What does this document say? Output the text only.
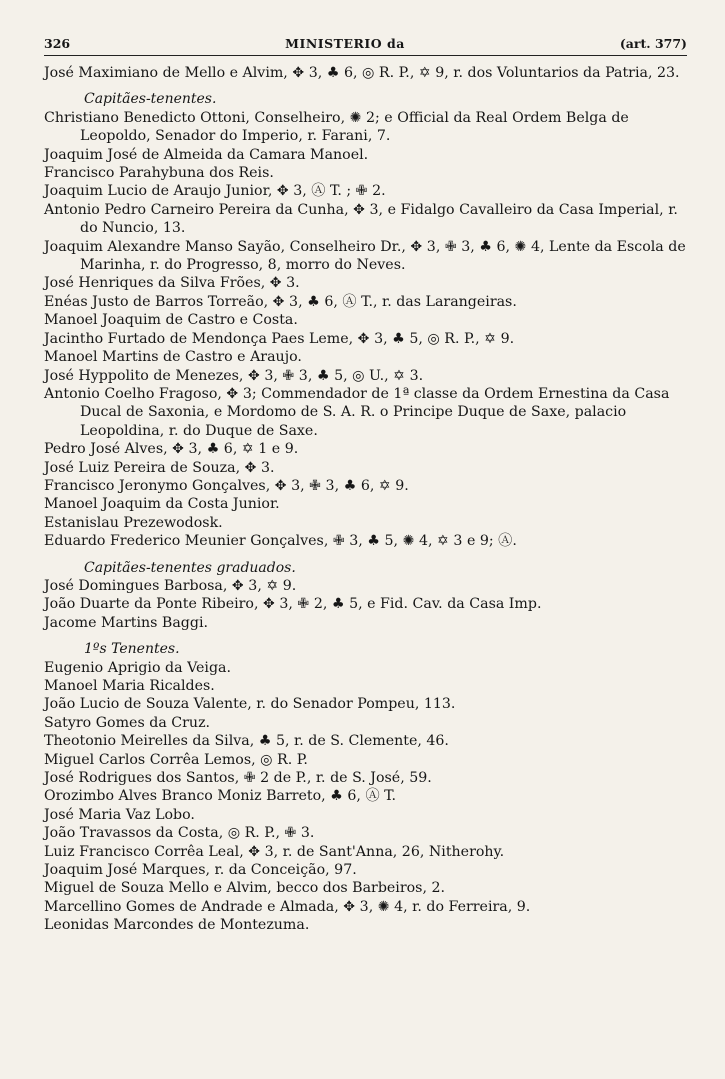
326	MINISTERIO da	(art. 377)

José Maximiano de Mello e Alvim, ✥ 3, ♣ 6, ◎ R. P., ✡ 9, r. dos Voluntarios da Patria, 23.

Capitães-tenentes.

Christiano Benedicto Ottoni, Conselheiro, ✺ 2; e Official da Real Ordem Belga de Leopoldo, Senador do Imperio, r. Farani, 7.

Joaquim José de Almeida da Camara Manoel.

Francisco Parahybuna dos Reis.

Joaquim Lucio de Araujo Junior, ✥ 3, Ⓐ T. ; ✙ 2.

Antonio Pedro Carneiro Pereira da Cunha, ✥ 3, e Fidalgo Cavalleiro da Casa Imperial, r. do Nuncio, 13.

Joaquim Alexandre Manso Sayão, Conselheiro Dr., ✥ 3, ✙ 3, ♣ 6, ✺ 4, Lente da Escola de Marinha, r. do Progresso, 8, morro do Neves.

José Henriques da Silva Frões, ✥ 3.

Enéas Justo de Barros Torreão, ✥ 3, ♣ 6, Ⓐ T., r. das Larangeiras.

Manoel Joaquim de Castro e Costa.

Jacintho Furtado de Mendonça Paes Leme, ✥ 3, ♣ 5, ◎ R. P., ✡ 9.

Manoel Martins de Castro e Araujo.

José Hyppolito de Menezes, ✥ 3, ✙ 3, ♣ 5, ◎ U., ✡ 3.

Antonio Coelho Fragoso, ✥ 3; Commendador de 1ª classe da Ordem Ernestina da Casa Ducal de Saxonia, e Mordomo de S. A. R. o Principe Duque de Saxe, palacio Leopoldina, r. do Duque de Saxe.

Pedro José Alves, ✥ 3, ♣ 6, ✡ 1 e 9.

José Luiz Pereira de Souza, ✥ 3.

Francisco Jeronymo Gonçalves, ✥ 3, ✙ 3, ♣ 6, ✡ 9.

Manoel Joaquim da Costa Junior.

Estanislau Prezewodosk.

Eduardo Frederico Meunier Gonçalves, ✙ 3, ♣ 5, ✺ 4, ✡ 3 e 9; Ⓐ.

Capitães-tenentes graduados.

José Domingues Barbosa, ✥ 3, ✡ 9.

João Duarte da Ponte Ribeiro, ✥ 3, ✙ 2, ♣ 5, e Fid. Cav. da Casa Imp.

Jacome Martins Baggi.

1ºs Tenentes.

Eugenio Aprigio da Veiga.

Manoel Maria Ricaldes.

João Lucio de Souza Valente, r. do Senador Pompeu, 113.

Satyro Gomes da Cruz.

Theotonio Meirelles da Silva, ♣ 5, r. de S. Clemente, 46.

Miguel Carlos Corrêa Lemos, ◎ R. P.

José Rodrigues dos Santos, ✙ 2 de P., r. de S. José, 59.

Orozimbo Alves Branco Moniz Barreto, ♣ 6, Ⓐ T.

José Maria Vaz Lobo.

João Travassos da Costa, ◎ R. P., ✙ 3.

Luiz Francisco Corrêa Leal, ✥ 3, r. de Sant'Anna, 26, Nitherohy.

Joaquim José Marques, r. da Conceição, 97.

Miguel de Souza Mello e Alvim, becco dos Barbeiros, 2.

Marcellino Gomes de Andrade e Almada, ✥ 3, ✺ 4, r. do Ferreira, 9.

Leonidas Marcondes de Montezuma.
